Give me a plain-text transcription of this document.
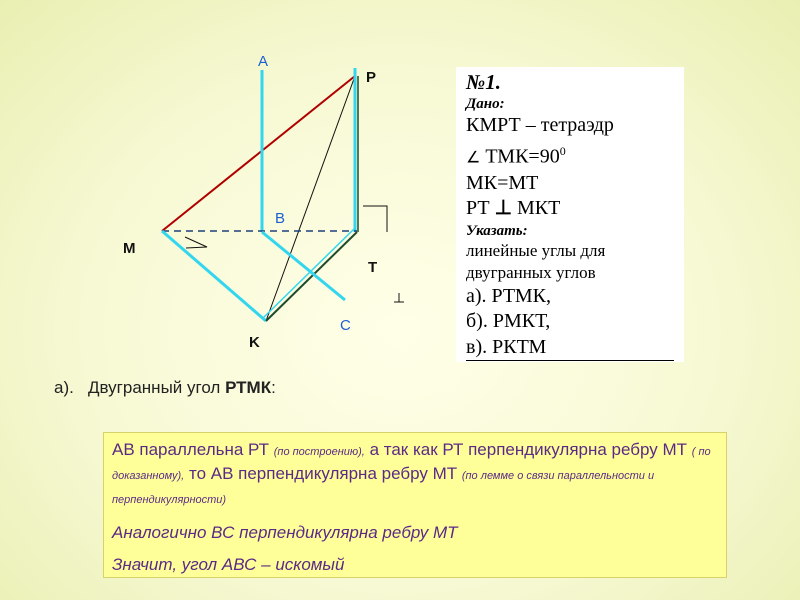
A
P
B
M
T
C
K
№1.
Дано:
КМРТ – тетраэдр
∠ $ТМК=90^0$
МК=МТ
РТ ⊥ МКТ
Указать:
линейные углы для
двугранных углов
а). РТМК,
б). РМКТ,
в). РКТМ
а).   Двугранный угол РТМК:
АВ параллельна РТ (по построению), а так как РТ перпендикулярна ребру МТ ( по доказанному), то АВ перпендикулярна ребру МТ (по лемме о связи параллельности и перпендикулярности)
Аналогично ВС перпендикулярна ребру МТ
Значит, угол АВС – искомый
